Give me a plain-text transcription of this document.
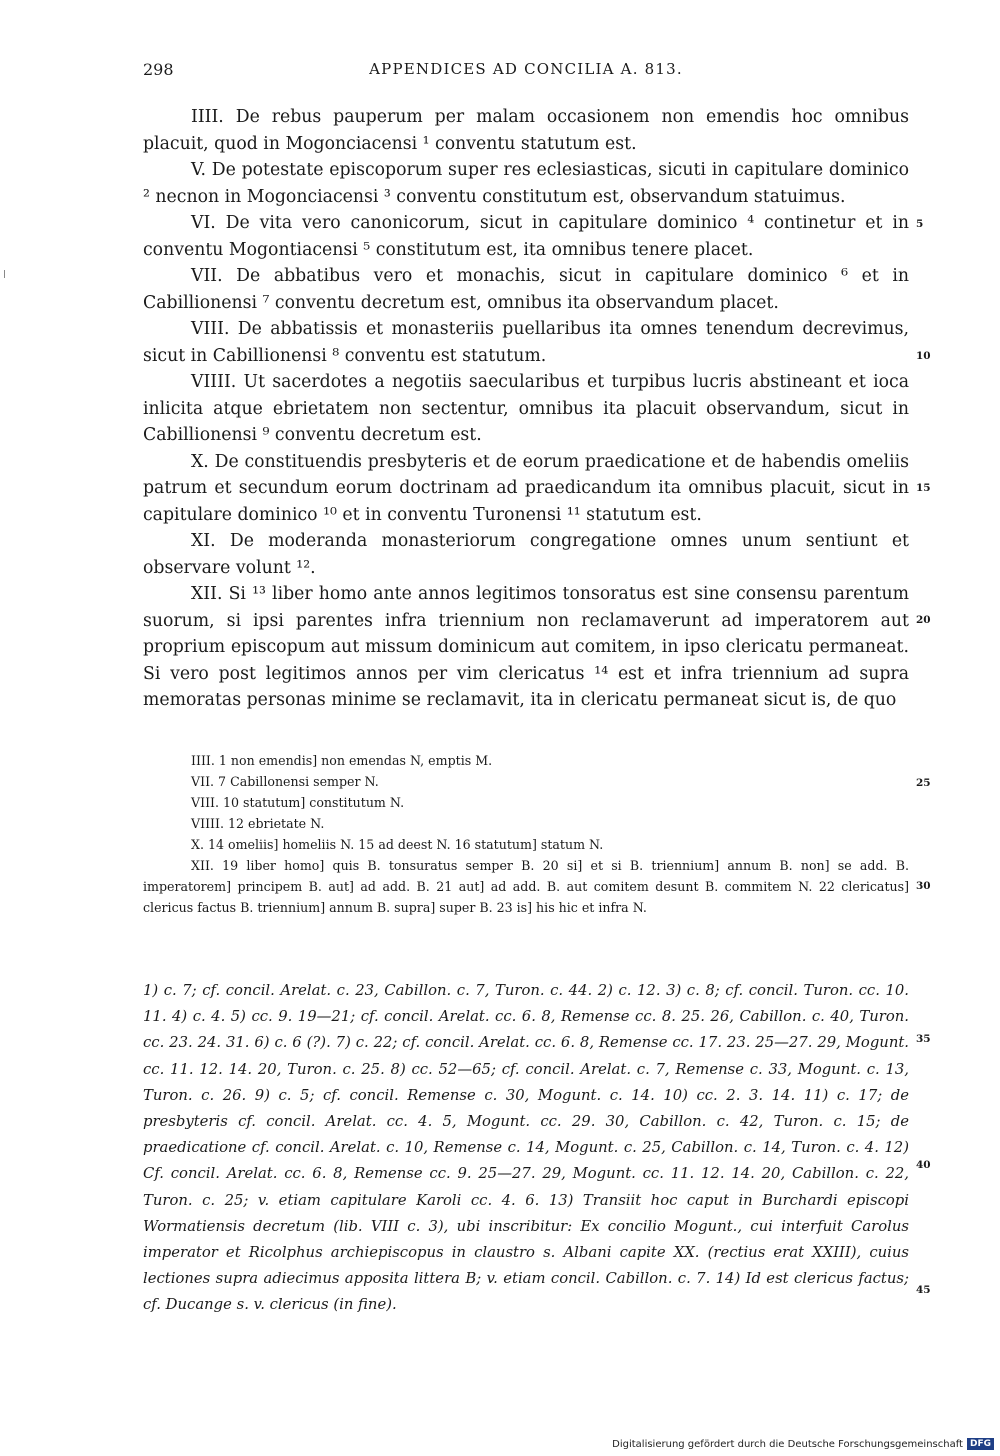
298	APPENDICES AD CONCILIA A. 813.

IIII. De rebus pauperum per malam occasionem non emendis hoc omnibus placuit, quod in Mogonciacensi ¹ conventu statutum est.

V. De potestate episcoporum super res eclesiasticas, sicuti in capitulare dominico ² necnon in Mogonciacensi ³ conventu constitutum est, observandum statuimus.

VI. De vita vero canonicorum, sicut in capitulare dominico ⁴ continetur et in conventu Mogontiacensi ⁵ constitutum est, ita omnibus tenere placet.

VII. De abbatibus vero et monachis, sicut in capitulare dominico ⁶ et in Cabillionensi ⁷ conventu decretum est, omnibus ita observandum placet.

VIII. De abbatissis et monasteriis puellaribus ita omnes tenendum decrevimus, sicut in Cabillionensi ⁸ conventu est statutum.

VIIII. Ut sacerdotes a negotiis saecularibus et turpibus lucris abstineant et ioca inlicita atque ebrietatem non sectentur, omnibus ita placuit observandum, sicut in Cabillionensi ⁹ conventu decretum est.

X. De constituendis presbyteris et de eorum praedicatione et de habendis omeliis patrum et secundum eorum doctrinam ad praedicandum ita omnibus placuit, sicut in capitulare dominico ¹⁰ et in conventu Turonensi ¹¹ statutum est.

XI. De moderanda monasteriorum congregatione omnes unum sentiunt et observare volunt ¹².

XII. Si ¹³ liber homo ante annos legitimos tonsoratus est sine consensu parentum suorum, si ipsi parentes infra triennium non reclamaverunt ad imperatorem aut proprium episcopum aut missum dominicum aut comitem, in ipso clericatu permaneat. Si vero post legitimos annos per vim clericatus ¹⁴ est et infra triennium ad supra memoratas personas minime se reclamavit, ita in clericatu permaneat sicut is, de quo

IIII. 1 non emendis] non emendas N, emptis M.

VII. 7 Cabillonensi semper N.

VIII. 10 statutum] constitutum N.

VIIII. 12 ebrietate N.

X. 14 omeliis] homeliis N. 15 ad deest N. 16 statutum] statum N.

XII. 19 liber homo] quis B. tonsuratus semper B. 20 si] et si B. triennium] annum B. non] se add. B. imperatorem] principem B. aut] ad add. B. 21 aut] ad add. B. aut comitem desunt B. commitem N. 22 clericatus] clericus factus B. triennium] annum B. supra] super B. 23 is] his hic et infra N.

1) c. 7; cf. concil. Arelat. c. 23, Cabillon. c. 7, Turon. c. 44. 2) c. 12. 3) c. 8; cf. concil. Turon. cc. 10. 11. 4) c. 4. 5) cc. 9. 19—21; cf. concil. Arelat. cc. 6. 8, Remense cc. 8. 25. 26, Cabillon. c. 40, Turon. cc. 23. 24. 31. 6) c. 6 (?). 7) c. 22; cf. concil. Arelat. cc. 6. 8, Remense cc. 17. 23. 25—27. 29, Mogunt. cc. 11. 12. 14. 20, Turon. c. 25. 8) cc. 52—65; cf. concil. Arelat. c. 7, Remense c. 33, Mogunt. c. 13, Turon. c. 26. 9) c. 5; cf. concil. Remense c. 30, Mogunt. c. 14. 10) cc. 2. 3. 14. 11) c. 17; de presbyteris cf. concil. Arelat. cc. 4. 5, Mogunt. cc. 29. 30, Cabillon. c. 42, Turon. c. 15; de praedicatione cf. concil. Arelat. c. 10, Remense c. 14, Mogunt. c. 25, Cabillon. c. 14, Turon. c. 4. 12) Cf. concil. Arelat. cc. 6. 8, Remense cc. 9. 25—27. 29, Mogunt. cc. 11. 12. 14. 20, Cabillon. c. 22, Turon. c. 25; v. etiam capitulare Karoli cc. 4. 6. 13) Transiit hoc caput in Burchardi episcopi Wormatiensis decretum (lib. VIII c. 3), ubi inscribitur: Ex concilio Mogunt., cui interfuit Carolus imperator et Ricolphus archiepiscopus in claustro s. Albani capite XX. (rectius erat XXIII), cuius lectiones supra adiecimus apposita littera B; v. etiam concil. Cabillon. c. 7. 14) Id est clericus factus; cf. Ducange s. v. clericus (in fine).
5
10
15
20
25
30
35
40
45
Digitalisierung gefördert durch die Deutsche Forschungsgemeinschaft DFG
